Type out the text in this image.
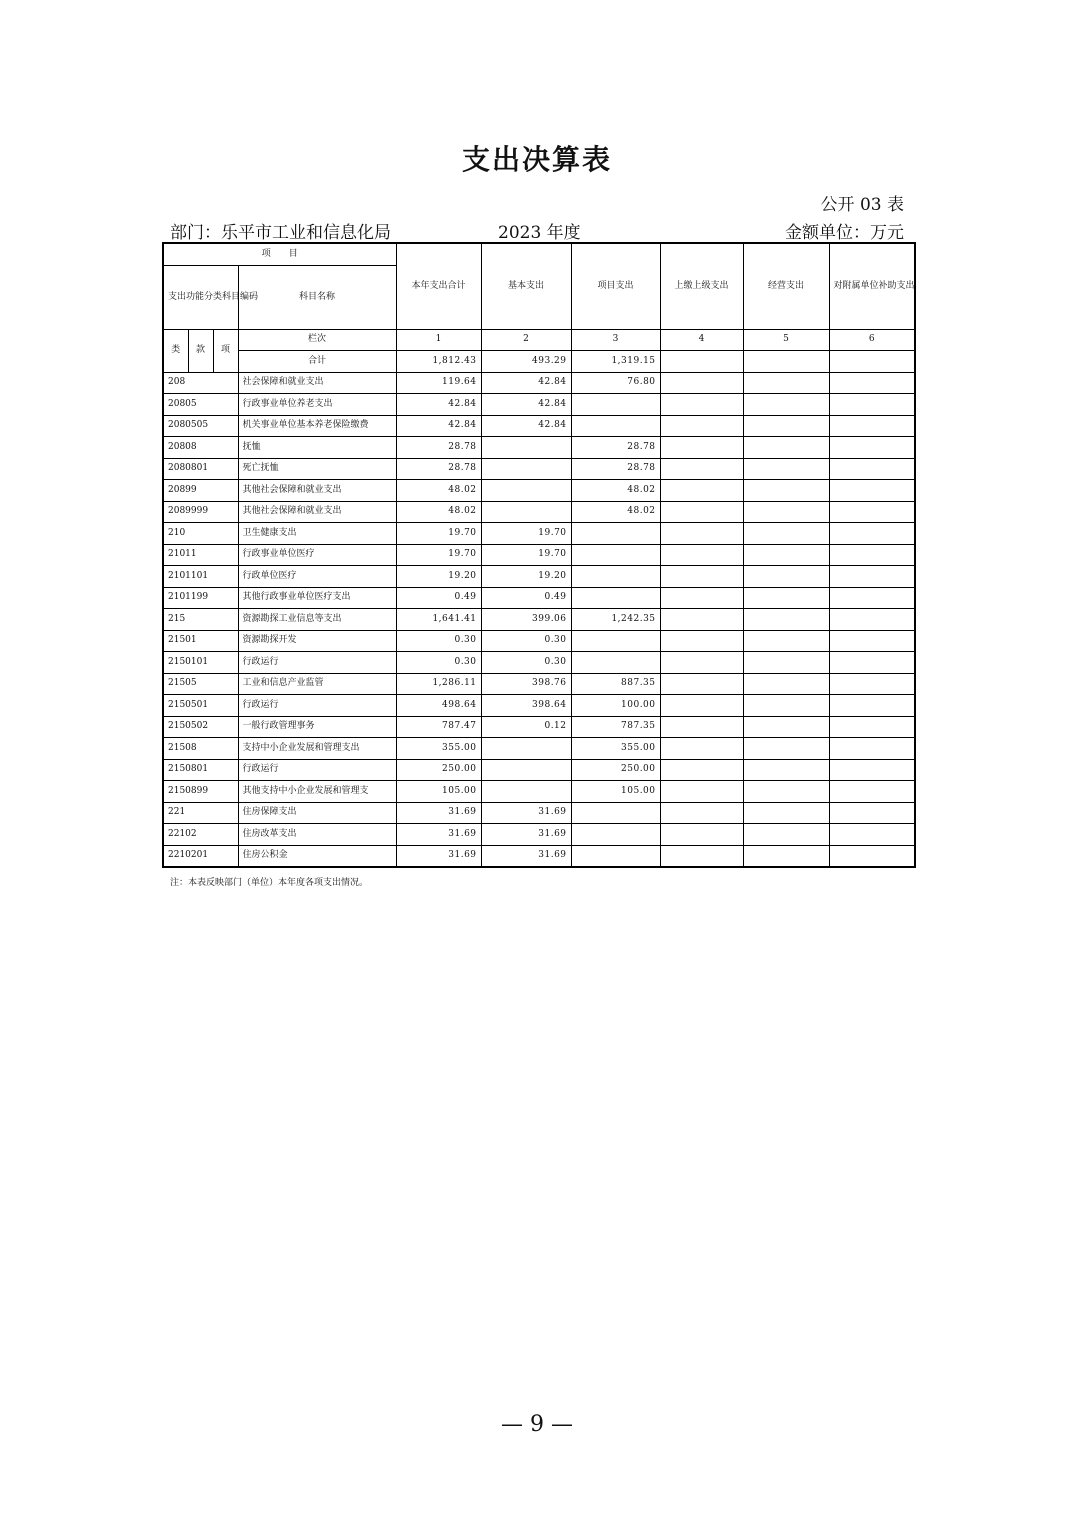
支出决算表
公开 03 表
部门：乐平市工业和信息化局	2023 年度	金额单位：万元
项　　目				本年支出合计	基本支出	项目支出	上缴上级支出	经营支出	对附属单位补助支出
支出功能分类科目编码			科目名称						

类	款	项	栏次	1	2	3	4	5	6
			合计	1,812.43	493.29	1,319.15			
208			社会保障和就业支出	119.64	42.84	76.80			
20805			行政事业单位养老支出	42.84	42.84				
2080505			机关事业单位基本养老保险缴费	42.84	42.84				
20808			抚恤	28.78		28.78			
2080801			死亡抚恤	28.78		28.78			
20899			其他社会保障和就业支出	48.02		48.02			
2089999			其他社会保障和就业支出	48.02		48.02			
210			卫生健康支出	19.70	19.70				
21011			行政事业单位医疗	19.70	19.70				
2101101			行政单位医疗	19.20	19.20				
2101199			其他行政事业单位医疗支出	0.49	0.49				
215			资源勘探工业信息等支出	1,641.41	399.06	1,242.35			
21501			资源勘探开发	0.30	0.30				
2150101			行政运行	0.30	0.30				
21505			工业和信息产业监管	1,286.11	398.76	887.35			
2150501			行政运行	498.64	398.64	100.00			
2150502			一般行政管理事务	787.47	0.12	787.35			
21508			支持中小企业发展和管理支出	355.00		355.00			
2150801			行政运行	250.00		250.00			
2150899			其他支持中小企业发展和管理支	105.00		105.00			
221			住房保障支出	31.69	31.69				
22102			住房改革支出	31.69	31.69				
2210201			住房公积金	31.69	31.69				
注：本表反映部门（单位）本年度各项支出情况。
— 9 —
